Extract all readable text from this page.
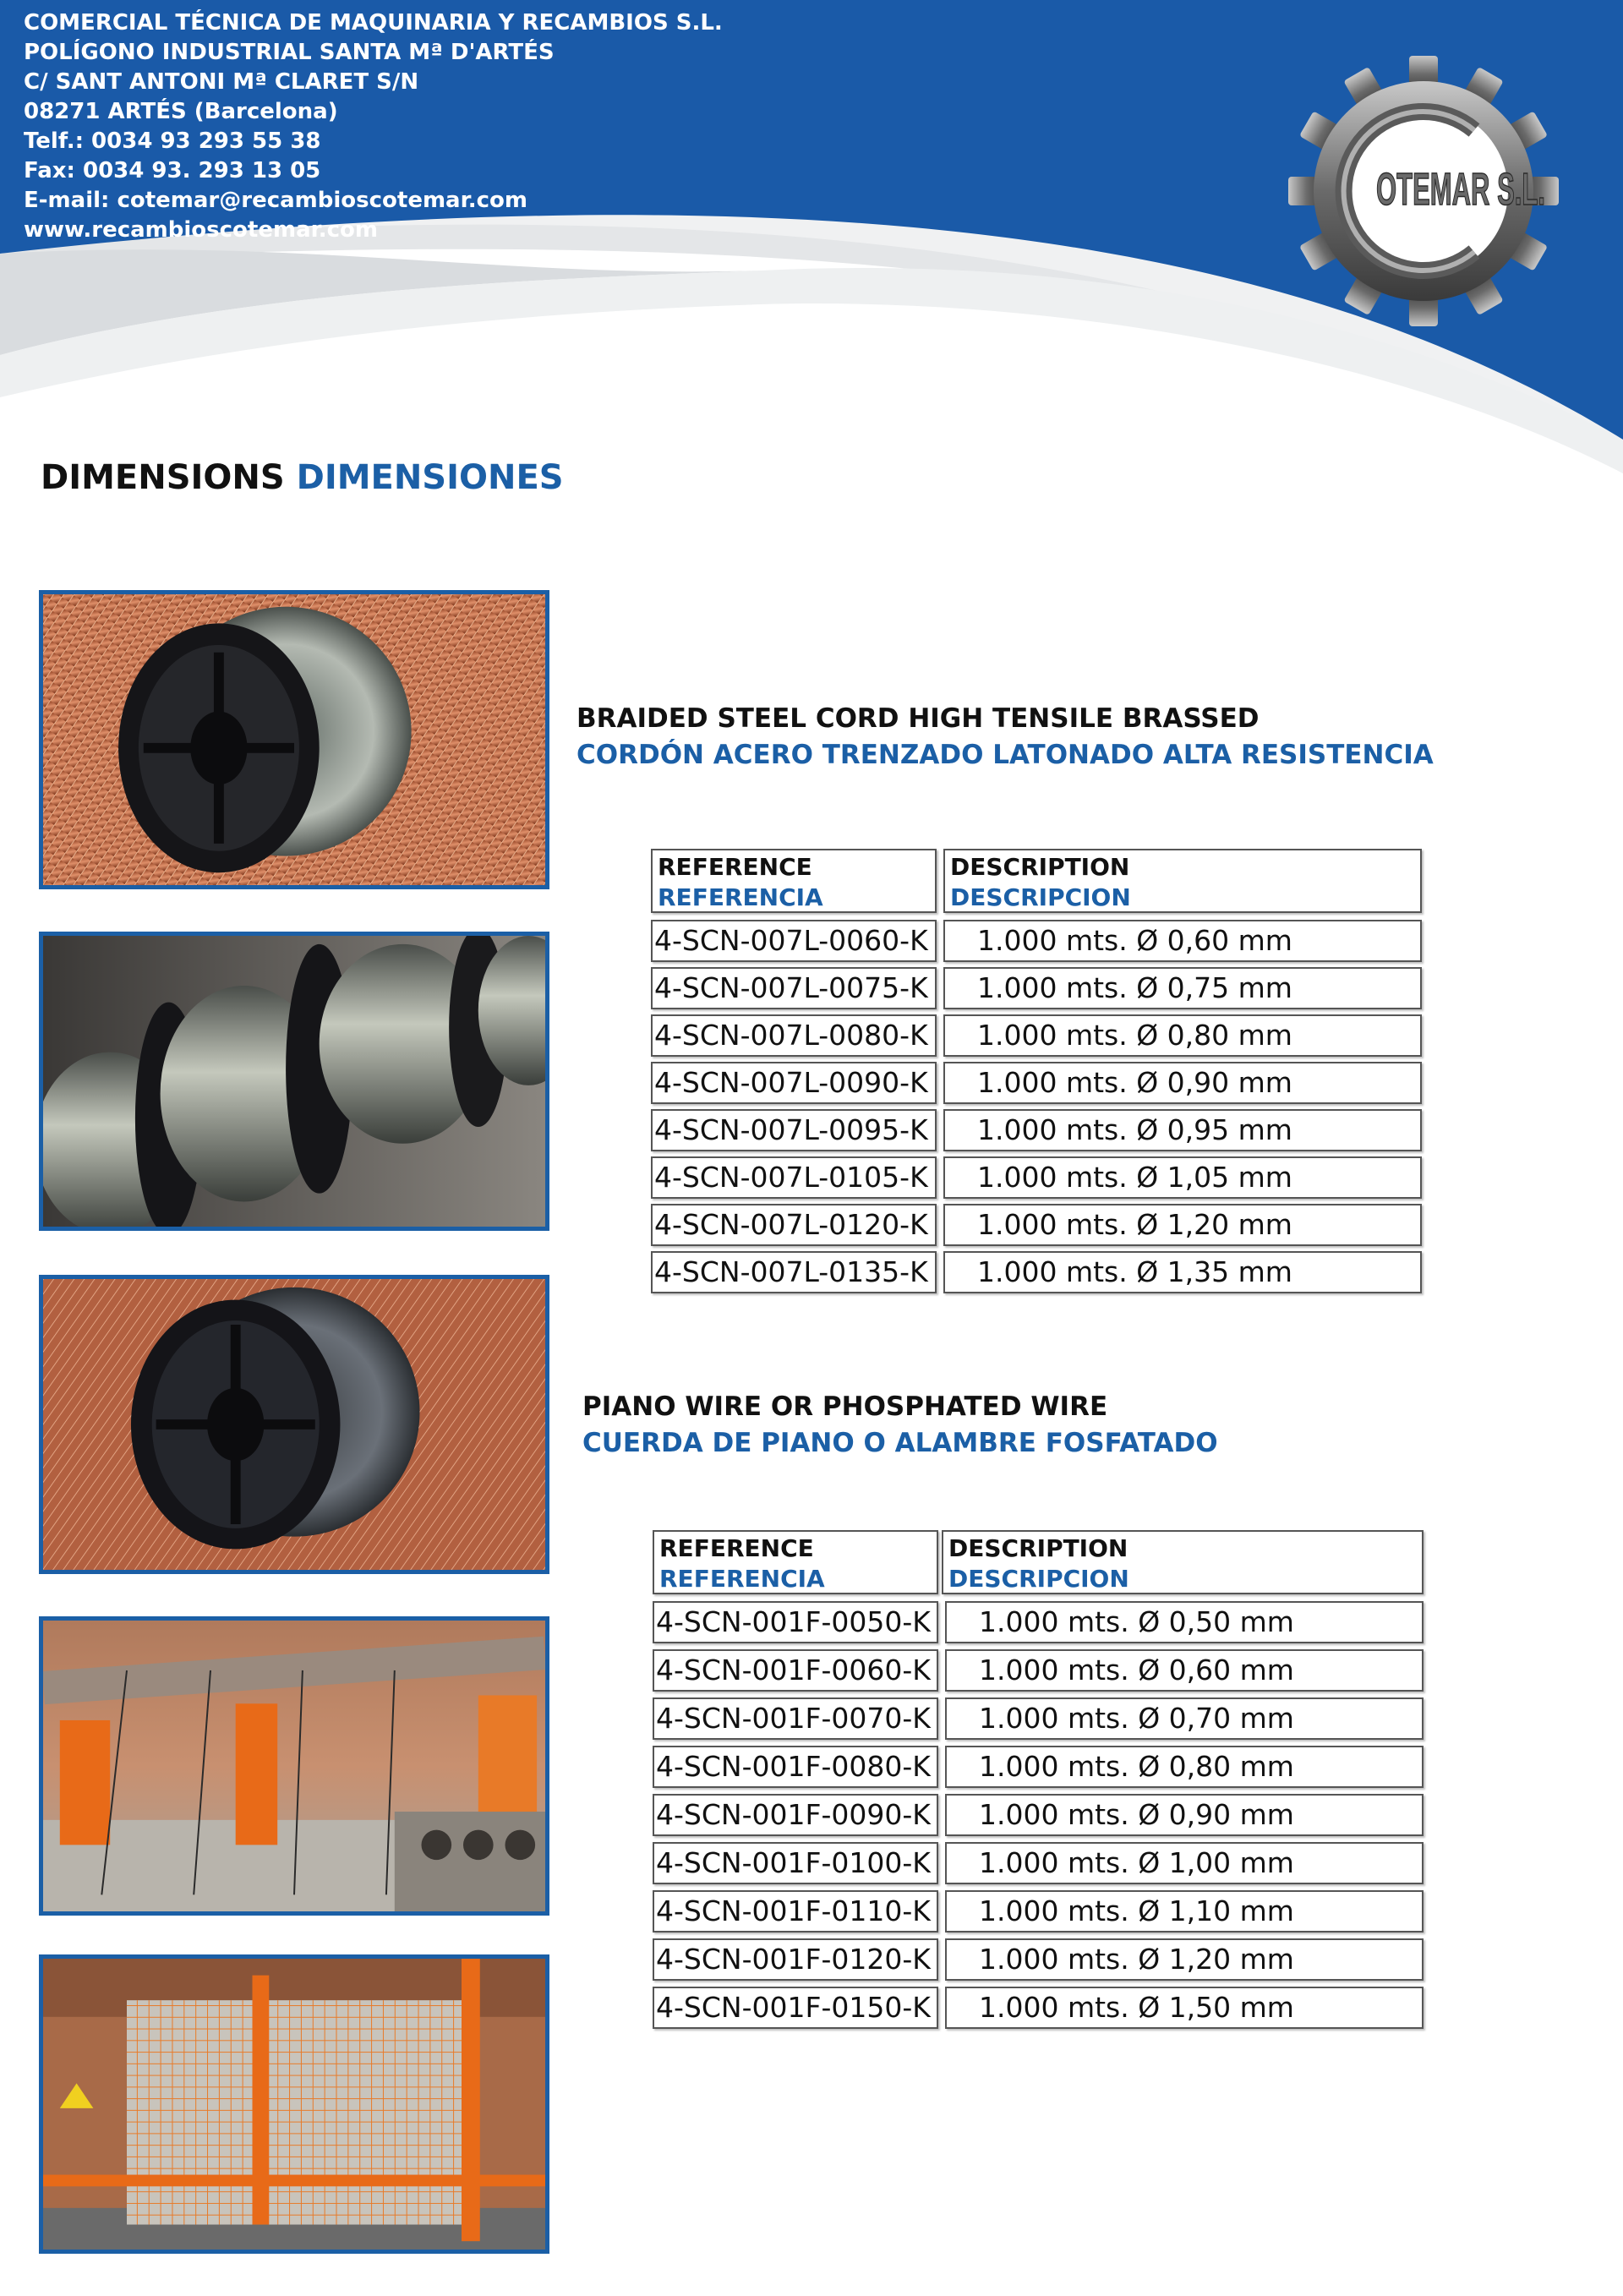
COMERCIAL TÉCNICA DE MAQUINARIA Y RECAMBIOS S.L.
POLÍGONO INDUSTRIAL SANTA Mª D'ARTÉS
C/ SANT ANTONI Mª CLARET S/N
08271 ARTÉS (Barcelona)
Telf.: 0034 93 293 55 38
Fax: 0034 93. 293 13 05
E-mail: cotemar@recambioscotemar.com
www.recambioscotemar.com
OTEMAR S.L.
DIMENSIONS DIMENSIONES
BRAIDED STEEL CORD HIGH TENSILE BRASSED
CORDÓN ACERO TRENZADO LATONADO ALTA RESISTENCIA
REFERENCE
REFERENCIA
DESCRIPTION
DESCRIPCION
4-SCN-007L-0060-K	1.000 mts. Ø 0,60 mm
4-SCN-007L-0075-K	1.000 mts. Ø 0,75 mm
4-SCN-007L-0080-K	1.000 mts. Ø 0,80 mm
4-SCN-007L-0090-K	1.000 mts. Ø 0,90 mm
4-SCN-007L-0095-K	1.000 mts. Ø 0,95 mm
4-SCN-007L-0105-K	1.000 mts. Ø 1,05 mm
4-SCN-007L-0120-K	1.000 mts. Ø 1,20 mm
4-SCN-007L-0135-K	1.000 mts. Ø 1,35 mm
PIANO WIRE OR PHOSPHATED WIRE
CUERDA DE PIANO O ALAMBRE FOSFATADO
REFERENCE
REFERENCIA
DESCRIPTION
DESCRIPCION
4-SCN-001F-0050-K	1.000 mts. Ø 0,50 mm
4-SCN-001F-0060-K	1.000 mts. Ø 0,60 mm
4-SCN-001F-0070-K	1.000 mts. Ø 0,70 mm
4-SCN-001F-0080-K	1.000 mts. Ø 0,80 mm
4-SCN-001F-0090-K	1.000 mts. Ø 0,90 mm
4-SCN-001F-0100-K	1.000 mts. Ø 1,00 mm
4-SCN-001F-0110-K	1.000 mts. Ø 1,10 mm
4-SCN-001F-0120-K	1.000 mts. Ø 1,20 mm
4-SCN-001F-0150-K	1.000 mts. Ø 1,50 mm
